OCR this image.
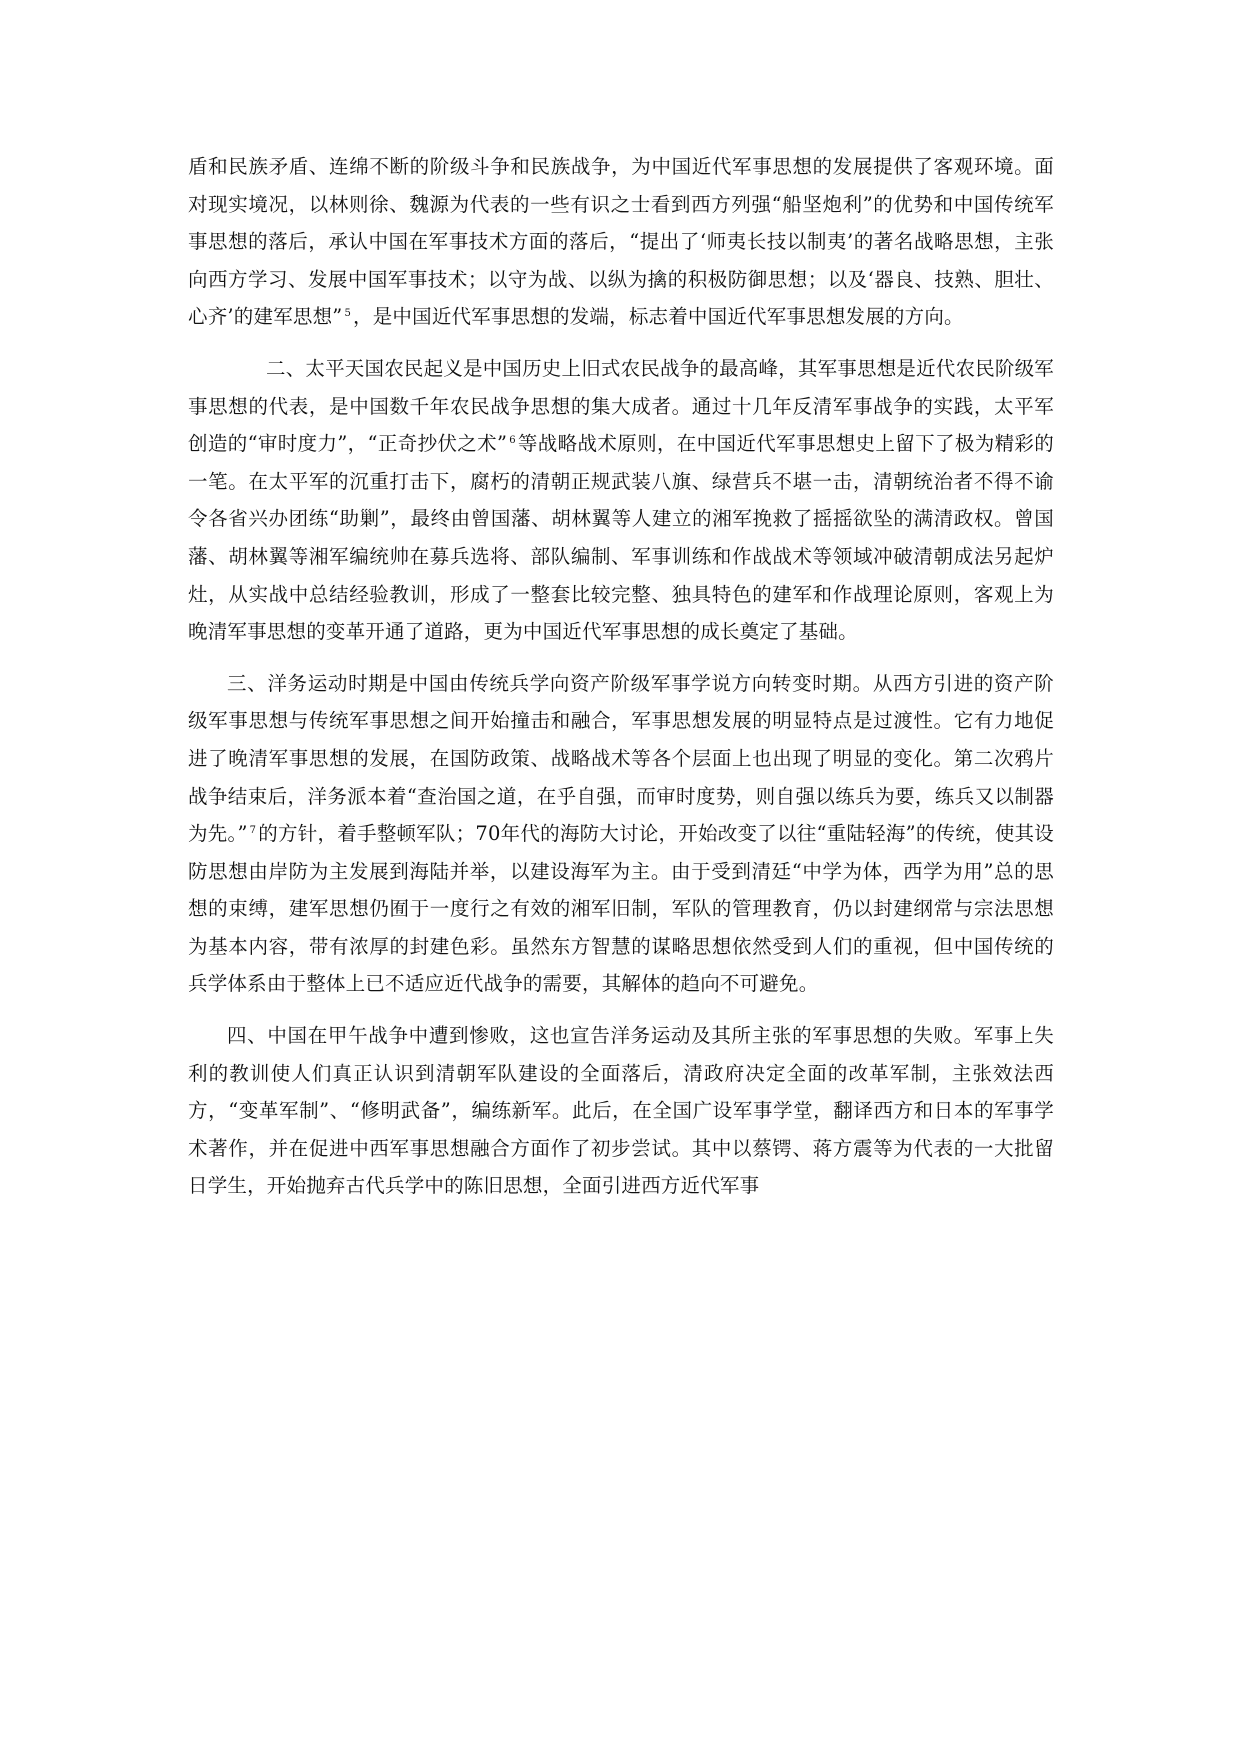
盾和民族矛盾、连绵不断的阶级斗争和民族战争，为中国近代军事思想的发展提供了客观环境。面对现实境况，以林则徐、魏源为代表的一些有识之士看到西方列强“船坚炮利”的优势和中国传统军事思想的落后，承认中国在军事技术方面的落后，“提出了‘师夷长技以制夷’的著名战略思想，主张向西方学习、发展中国军事技术；以守为战、以纵为擒的积极防御思想；以及‘器良、技熟、胆壮、心齐’的建军思想” $^5$ ，是中国近代军事思想的发端，标志着中国近代军事思想发展的方向。

二、太平天国农民起义是中国历史上旧式农民战争的最高峰，其军事思想是近代农民阶级军事思想的代表，是中国数千年农民战争思想的集大成者。通过十几年反清军事战争的实践，太平军创造的“审时度力”，“正奇抄伏之术” $^6$ 等战略战术原则，在中国近代军事思想史上留下了极为精彩的一笔。在太平军的沉重打击下，腐朽的清朝正规武装八旗、绿营兵不堪一击，清朝统治者不得不谕令各省兴办团练“助剿”，最终由曾国藩、胡林翼等人建立的湘军挽救了摇摇欲坠的满清政权。曾国藩、胡林翼等湘军编统帅在募兵选将、部队编制、军事训练和作战战术等领域冲破清朝成法另起炉灶，从实战中总结经验教训，形成了一整套比较完整、独具特色的建军和作战理论原则，客观上为晚清军事思想的变革开通了道路，更为中国近代军事思想的成长奠定了基础。

三、洋务运动时期是中国由传统兵学向资产阶级军事学说方向转变时期。从西方引进的资产阶级军事思想与传统军事思想之间开始撞击和融合，军事思想发展的明显特点是过渡性。它有力地促进了晚清军事思想的发展，在国防政策、战略战术等各个层面上也出现了明显的变化。第二次鸦片战争结束后，洋务派本着“查治国之道，在乎自强，而审时度势，则自强以练兵为要，练兵又以制器为先。” $^7$ 的方针，着手整顿军队；70年代的海防大讨论，开始改变了以往“重陆轻海”的传统，使其设防思想由岸防为主发展到海陆并举，以建设海军为主。由于受到清廷“中学为体，西学为用”总的思想的束缚，建军思想仍囿于一度行之有效的湘军旧制，军队的管理教育，仍以封建纲常与宗法思想为基本内容，带有浓厚的封建色彩。虽然东方智慧的谋略思想依然受到人们的重视，但中国传统的兵学体系由于整体上已不适应近代战争的需要，其解体的趋向不可避免。

四、中国在甲午战争中遭到惨败，这也宣告洋务运动及其所主张的军事思想的失败。军事上失利的教训使人们真正认识到清朝军队建设的全面落后，清政府决定全面的改革军制，主张效法西方，“变革军制”、“修明武备”，编练新军。此后，在全国广设军事学堂，翻译西方和日本的军事学术著作，并在促进中西军事思想融合方面作了初步尝试。其中以蔡锷、蒋方震等为代表的一大批留日学生，开始抛弃古代兵学中的陈旧思想，全面引进西方近代军事
